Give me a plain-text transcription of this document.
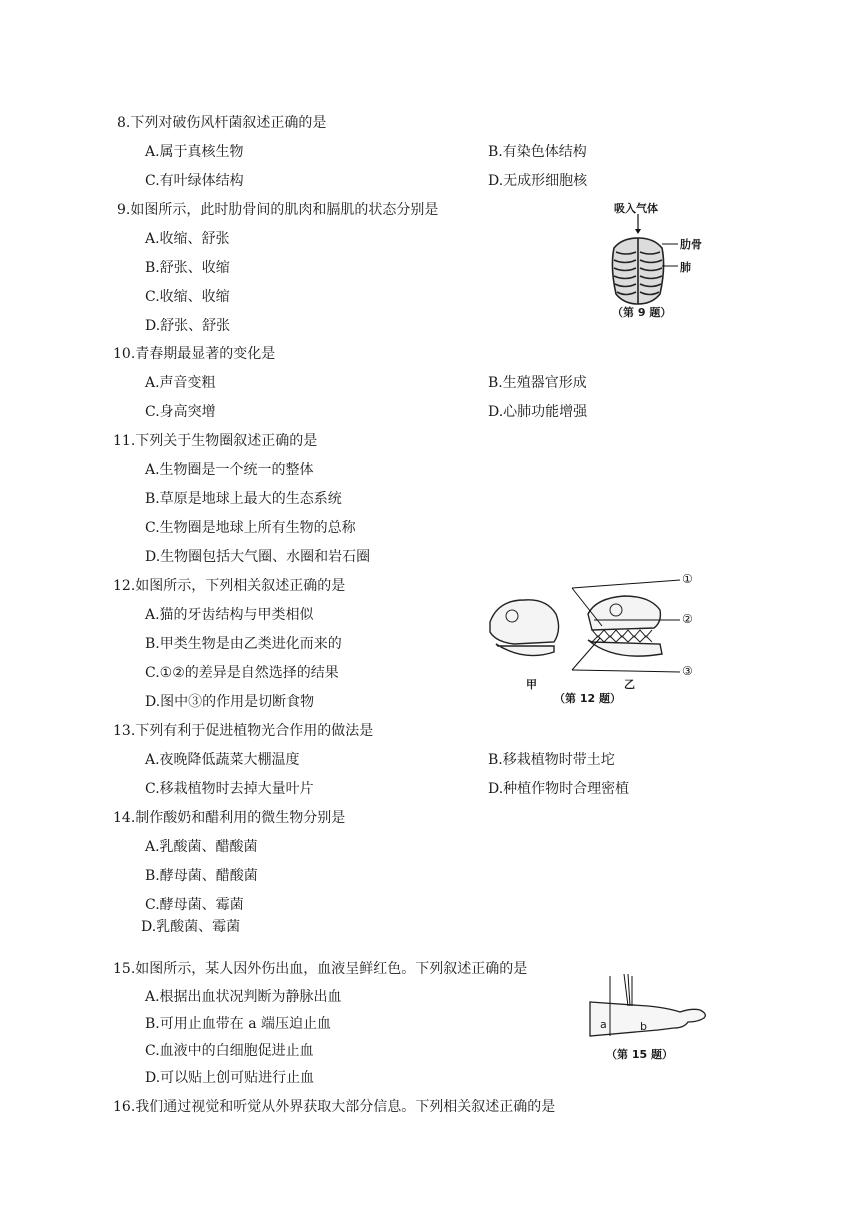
8.下列对破伤风杆菌叙述正确的是
A.属于真核生物	B.有染色体结构
C.有叶绿体结构	D.无成形细胞核
9.如图所示，此时肋骨间的肌肉和膈肌的状态分别是
A.收缩、舒张
B.舒张、收缩
C.收缩、收缩
D.舒张、舒张
吸入气体
肋骨
肺
（第 9 题）
10.青春期最显著的变化是
A.声音变粗	B.生殖器官形成
C.身高突增	D.心肺功能增强
11.下列关于生物圈叙述正确的是
A.生物圈是一个统一的整体
B.草原是地球上最大的生态系统
C.生物圈是地球上所有生物的总称
D.生物圈包括大气圈、水圈和岩石圈
12.如图所示，下列相关叙述正确的是
A.猫的牙齿结构与甲类相似
B.甲类生物是由乙类进化而来的
C.①②的差异是自然选择的结果
D.图中③的作用是切断食物
①
②
③
甲	乙
（第 12 题）
13.下列有利于促进植物光合作用的做法是
A.夜晚降低蔬菜大棚温度	B.移栽植物时带土坨
C.移栽植物时去掉大量叶片	D.种植作物时合理密植
14.制作酸奶和醋利用的微生物分别是
A.乳酸菌、醋酸菌
B.酵母菌、醋酸菌
C.酵母菌、霉菌
D.乳酸菌、霉菌
15.如图所示，某人因外伤出血，血液呈鲜红色。下列叙述正确的是
A.根据出血状况判断为静脉出血
B.可用止血带在 a 端压迫止血
C.血液中的白细胞促进止血
D.可以贴上创可贴进行止血
a	b
（第 15 题）
16.我们通过视觉和听觉从外界获取大部分信息。下列相关叙述正确的是
